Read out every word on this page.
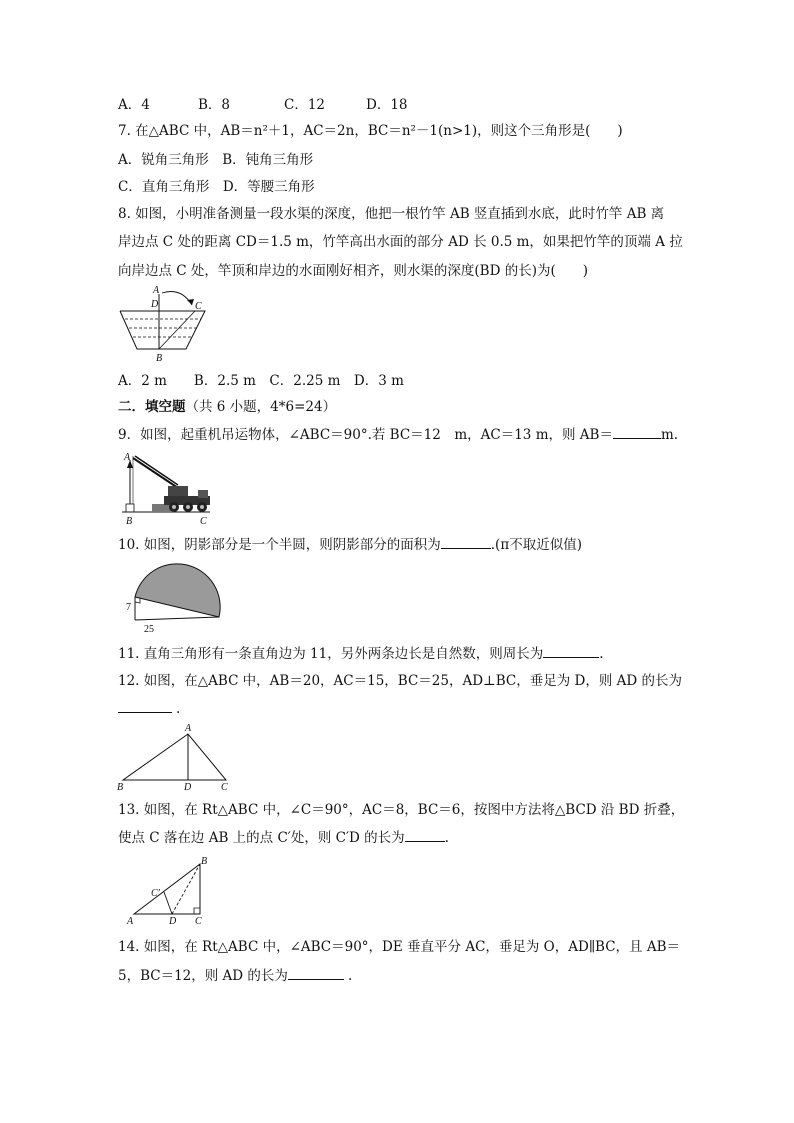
A．4	B．8	C．12	D．18
7. 在△ABC 中，AB＝n²＋1，AC＝2n，BC＝n²－1(n>1)，则这个三角形是(　　)
A．锐角三角形　B．钝角三角形
C．直角三角形　D．等腰三角形
8. 如图，小明准备测量一段水渠的深度，他把一根竹竿 AB 竖直插到水底，此时竹竿 AB 离
岸边点 C 处的距离 CD＝1.5 m，竹竿高出水面的部分 AD 长 0.5 m，如果把竹竿的顶端 A 拉
向岸边点 C 处，竿顶和岸边的水面刚好相齐，则水渠的深度(BD 的长)为(　　)
A
D	C
B
A．2 m　　B．2.5 m　C．2.25 m　D．3 m
二．填空题（共 6 小题，4*6=24）
9．如图，起重机吊运物体，∠ABC＝90°.若 BC＝12　m，AC＝13 m，则 AB＝	m.
A
B	C
10. 如图，阴影部分是一个半圆，则阴影部分的面积为	.(π不取近似值)
7
25
11. 直角三角形有一条直角边为 11，另外两条边长是自然数，则周长为	.
12. 如图，在△ABC 中，AB＝20，AC＝15，BC＝25，AD⊥BC，垂足为 D，则 AD 的长为
.
A
B	D	C
13. 如图，在 Rt△ABC 中，∠C＝90°，AC＝8，BC＝6，按图中方法将△BCD 沿 BD 折叠，
使点 C 落在边 AB 上的点 C′处，则 C′D 的长为	.
B
C′
A	D C
14. 如图，在 Rt△ABC 中，∠ABC＝90°，DE 垂直平分 AC，垂足为 O，AD∥BC，且 AB＝
5，BC＝12，则 AD 的长为	.
